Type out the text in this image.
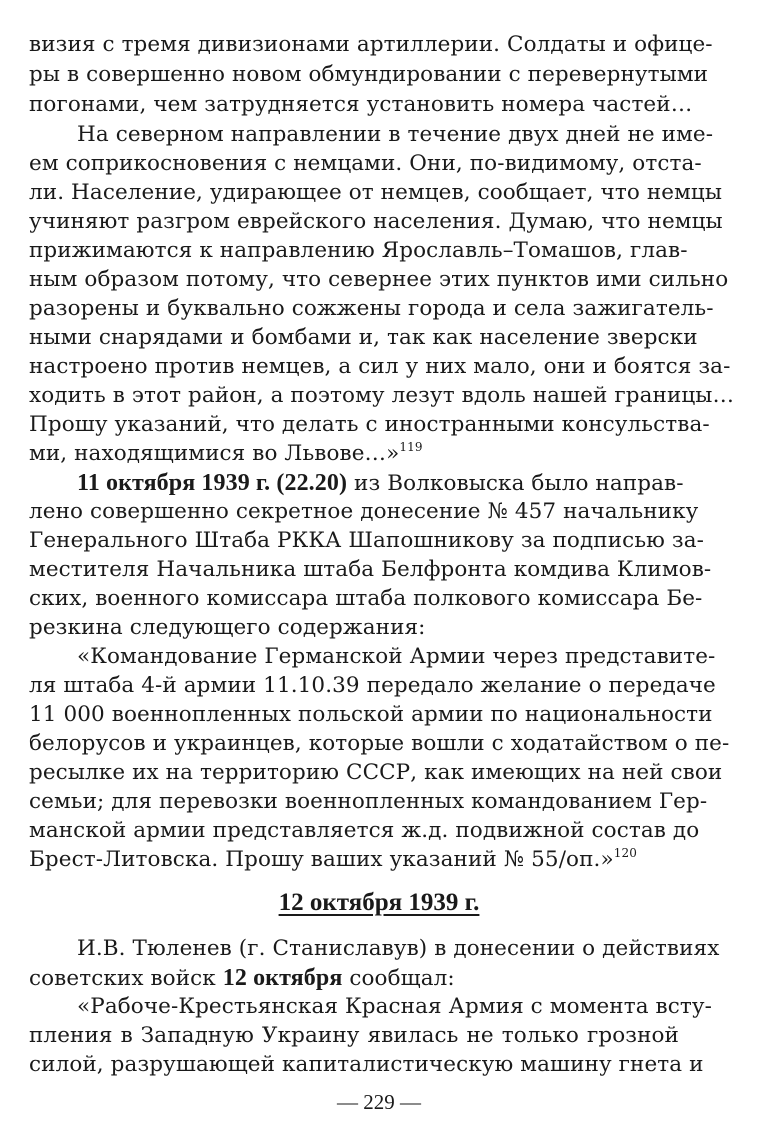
визия с тремя дивизионами артиллерии. Солдаты и офице-
ры в совершенно новом обмундировании с перевернутыми
погонами, чем затрудняется установить номера частей…
На северном направлении в течение двух дней не име-
ем соприкосновения с немцами. Они, по-видимому, отста-
ли. Население, удирающее от немцев, сообщает, что немцы
учиняют разгром еврейского населения. Думаю, что немцы
прижимаются к направлению Ярославль–Томашов, глав-
ным образом потому, что севернее этих пунктов ими сильно
разорены и буквально сожжены города и села зажигатель-
ными снарядами и бомбами и, так как население зверски
настроено против немцев, а сил у них мало, они и боятся за-
ходить в этот район, а поэтому лезут вдоль нашей границы…
Прошу указаний, что делать с иностранными консульства-
ми, находящимися во Львове…»$^{119}$
11 октября 1939 г. (22.20) из Волковыска было направ-
лено совершенно секретное донесение № 457 начальнику
Генерального Штаба РККА Шапошникову за подписью за-
местителя Начальника штаба Белфронта комдива Климов-
ских, военного комиссара штаба полкового комиссара Бе-
резкина следующего содержания:
«Командование Германской Армии через представите-
ля штаба 4-й армии 11.10.39 передало желание о передаче
11 000 военнопленных польской армии по национальности
белорусов и украинцев, которые вошли с ходатайством о пе-
ресылке их на территорию СССР, как имеющих на ней свои
семьи; для перевозки военнопленных командованием Гер-
манской армии представляется ж.д. подвижной состав до
Брест-Литовска. Прошу ваших указаний № 55/оп.»$^{120}$
12 октября 1939 г.
И.В. Тюленев (г. Станиславув) в донесении о действиях
советских войск 12 октября сообщал:
«Рабоче-Крестьянская Красная Армия с момента всту-
пления в Западную Украину явилась не только грозной
силой, разрушающей капиталистическую машину гнета и
— 229 —
